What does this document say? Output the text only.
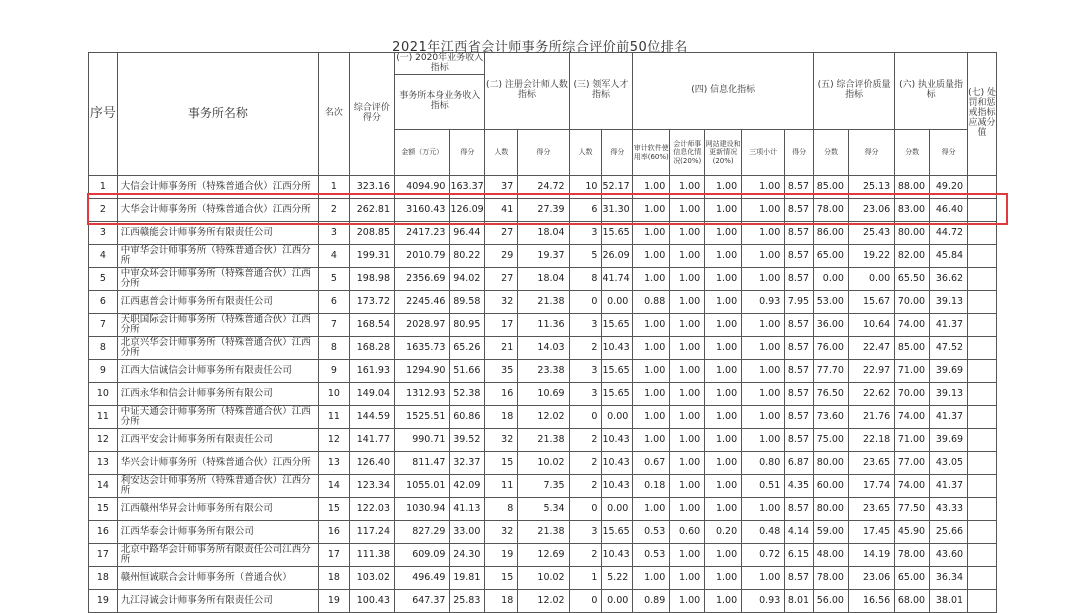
2021年江西省会计师事务所综合评价前50位排名
序号	事务所名称	名次	综合评价得分	(一) 2020年业务收入指标		(二) 注册会计师人数指标		(三) 领军人才指标		(四) 信息化指标					(五) 综合评价质量指标		(六) 执业质量指标		(七) 处罚和惩戒指标应减分值
				事务所本身业务收入指标															
				金额（万元）	得分	人数	得分	人数	得分	审计软件使用率(60%)	会计师事信息化情况(20%)	网站建设和更新情况(20%)	三项小计	得分	分数	得分	分数	得分	
1	大信会计师事务所（特殊普通合伙）江西分所	1	323.16	4094.90	163.37	37	24.72	10	52.17	1.00	1.00	1.00	1.00	8.57	85.00	25.13	88.00	49.20	
2	大华会计师事务所（特殊普通合伙）江西分所	2	262.81	3160.43	126.09	41	27.39	6	31.30	1.00	1.00	1.00	1.00	8.57	78.00	23.06	83.00	46.40	
3	江西赣能会计师事务所有限责任公司	3	208.85	2417.23	96.44	27	18.04	3	15.65	1.00	1.00	1.00	1.00	8.57	86.00	25.43	80.00	44.72	
4	中审华会计师事务所（特殊普通合伙）江西分所	4	199.31	2010.79	80.22	29	19.37	5	26.09	1.00	1.00	1.00	1.00	8.57	65.00	19.22	82.00	45.84	
5	中审众环会计师事务所（特殊普通合伙）江西分所	5	198.98	2356.69	94.02	27	18.04	8	41.74	1.00	1.00	1.00	1.00	8.57	0.00	0.00	65.50	36.62	
6	江西惠普会计师事务所有限责任公司	6	173.72	2245.46	89.58	32	21.38	0	0.00	0.88	1.00	1.00	0.93	7.95	53.00	15.67	70.00	39.13	
7	天职国际会计师事务所（特殊普通合伙）江西分所	7	168.54	2028.97	80.95	17	11.36	3	15.65	1.00	1.00	1.00	1.00	8.57	36.00	10.64	74.00	41.37	
8	北京兴华会计师事务所（特殊普通合伙）江西分所	8	168.28	1635.73	65.26	21	14.03	2	10.43	1.00	1.00	1.00	1.00	8.57	76.00	22.47	85.00	47.52	
9	江西大信诚信会计师事务所有限责任公司	9	161.93	1294.90	51.66	35	23.38	3	15.65	1.00	1.00	1.00	1.00	8.57	77.70	22.97	71.00	39.69	
10	江西永华和信会计师事务所有限公司	10	149.04	1312.93	52.38	16	10.69	3	15.65	1.00	1.00	1.00	1.00	8.57	76.50	22.62	70.00	39.13	
11	中证天通会计师事务所（特殊普通合伙）江西分所	11	144.59	1525.51	60.86	18	12.02	0	0.00	1.00	1.00	1.00	1.00	8.57	73.60	21.76	74.00	41.37	
12	江西平安会计师事务所有限责任公司	12	141.77	990.71	39.52	32	21.38	2	10.43	1.00	1.00	1.00	1.00	8.57	75.00	22.18	71.00	39.69	
13	华兴会计师事务所（特殊普通合伙）江西分所	13	126.40	811.47	32.37	15	10.02	2	10.43	0.67	1.00	1.00	0.80	6.87	80.00	23.65	77.00	43.05	
14	利安达会计师事务所（特殊普通合伙）江西分所	14	123.34	1055.01	42.09	11	7.35	2	10.43	0.18	1.00	1.00	0.51	4.35	60.00	17.74	74.00	41.37	
15	江西赣州华昇会计师事务所有限公司	15	122.03	1030.94	41.13	8	5.34	0	0.00	1.00	1.00	1.00	1.00	8.57	80.00	23.65	77.50	43.33	
16	江西华泰会计师事务所有限公司	16	117.24	827.29	33.00	32	21.38	3	15.65	0.53	0.60	0.20	0.48	4.14	59.00	17.45	45.90	25.66	
17	北京中路华会计师事务所有限责任公司江西分所	17	111.38	609.09	24.30	19	12.69	2	10.43	0.53	1.00	1.00	0.72	6.15	48.00	14.19	78.00	43.60	
18	赣州恒诚联合会计师事务所（普通合伙）	18	103.02	496.49	19.81	15	10.02	1	5.22	1.00	1.00	1.00	1.00	8.57	78.00	23.06	65.00	36.34	
19	九江浔诚会计师事务所有限责任公司	19	100.43	647.37	25.83	18	12.02	0	0.00	0.89	1.00	1.00	0.93	8.01	56.00	16.56	68.00	38.01	
